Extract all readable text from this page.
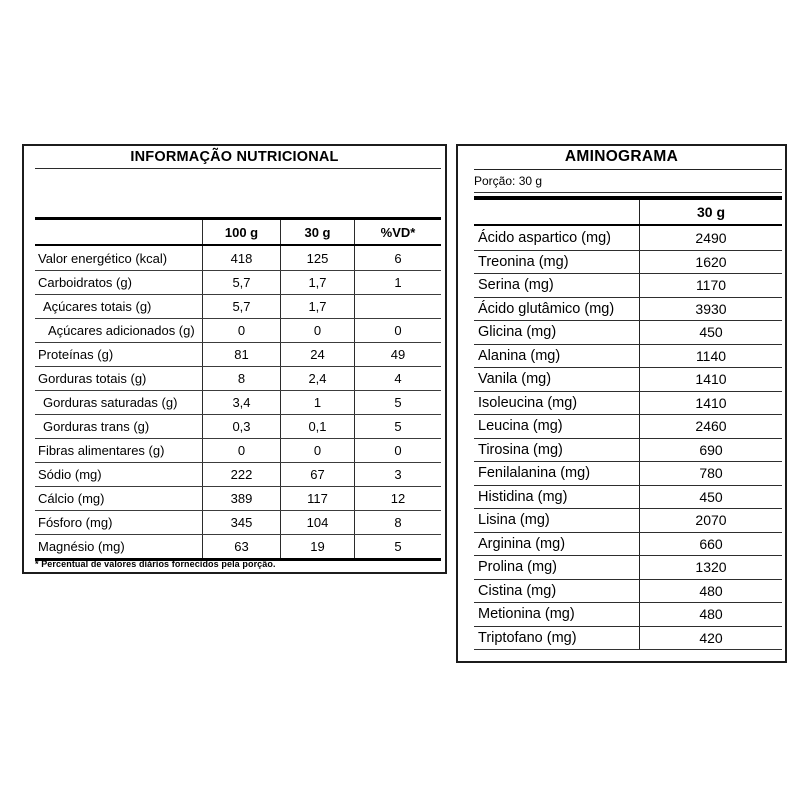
INFORMAÇÃO NUTRICIONAL
100 g	30 g	%VD*
Valor energético (kcal)	418	125	6
Carboidratos (g)	5,7	1,7	1
Açúcares totais (g)	5,7	1,7
Açúcares adicionados (g)	0	0	0
Proteínas (g)	81	24	49
Gorduras totais (g)	8	2,4	4
Gorduras saturadas (g)	3,4	1	5
Gorduras trans (g)	0,3	0,1	5
Fibras alimentares (g)	0	0	0
Sódio (mg)	222	67	3
Cálcio (mg)	389	117	12
Fósforo (mg)	345	104	8
Magnésio (mg)	63	19	5
* Percentual de valores diários fornecidos pela porção.
AMINOGRAMA
Porção: 30 g
30 g
Ácido aspartico (mg)	2490
Treonina (mg)	1620
Serina (mg)	1170
Ácido glutâmico (mg)	3930
Glicina (mg)	450
Alanina (mg)	1140
Vanila (mg)	1410
Isoleucina (mg)	1410
Leucina (mg)	2460
Tirosina (mg)	690
Fenilalanina (mg)	780
Histidina (mg)	450
Lisina (mg)	2070
Arginina (mg)	660
Prolina (mg)	1320
Cistina (mg)	480
Metionina (mg)	480
Triptofano (mg)	420
